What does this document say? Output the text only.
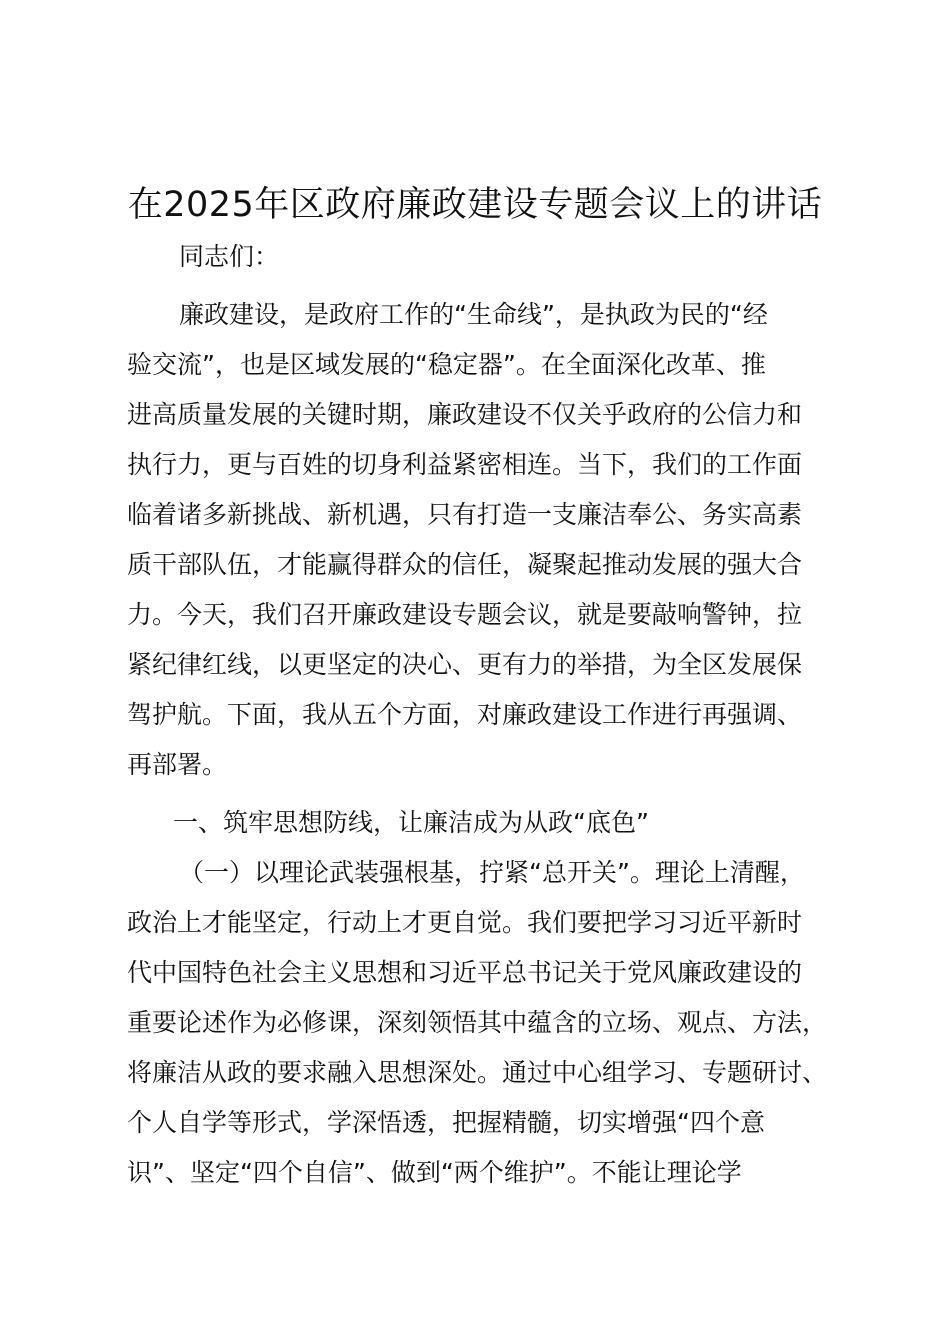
在2025年区政府廉政建设专题会议上的讲话
同志们：
廉政建设，是政府工作的“生命线”，是执政为民的“经
验交流”，也是区域发展的“稳定器”。在全面深化改革、推
进高质量发展的关键时期，廉政建设不仅关乎政府的公信力和
执行力，更与百姓的切身利益紧密相连。当下，我们的工作面
临着诸多新挑战、新机遇，只有打造一支廉洁奉公、务实高素
质干部队伍，才能赢得群众的信任，凝聚起推动发展的强大合
力。今天，我们召开廉政建设专题会议，就是要敲响警钟，拉
紧纪律红线，以更坚定的决心、更有力的举措，为全区发展保
驾护航。下面，我从五个方面，对廉政建设工作进行再强调、
再部署。
一、筑牢思想防线，让廉洁成为从政“底色”
（一）以理论武装强根基，拧紧“总开关”。理论上清醒，
政治上才能坚定，行动上才更自觉。我们要把学习习近平新时
代中国特色社会主义思想和习近平总书记关于党风廉政建设的
重要论述作为必修课，深刻领悟其中蕴含的立场、观点、方法，
将廉洁从政的要求融入思想深处。通过中心组学习、专题研讨、
个人自学等形式，学深悟透，把握精髓，切实增强“四个意
识”、坚定“四个自信”、做到“两个维护”。不能让理论学
